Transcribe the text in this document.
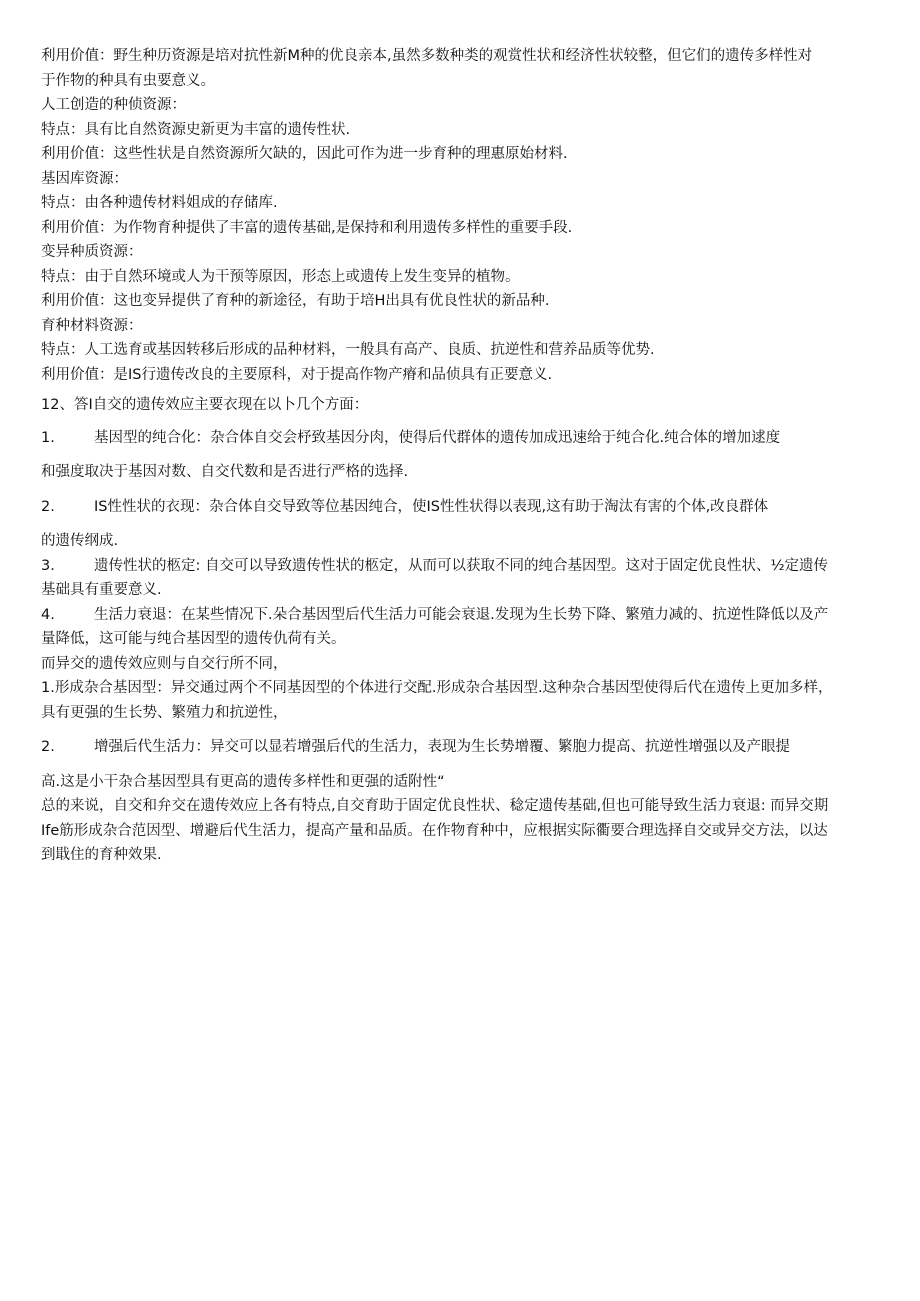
利用价值：野生种历资源是培对抗性新M种的优良亲本,虽然多数种类的观赏性状和经济性状较整，但它们的遗传多样性对
于作物的种具有虫要意义。
人工创造的种侦资源：
特点：具有比自然资源史新更为丰富的遗传性状.
利用价值：这些性状是自然资源所欠缺的，因此可作为进一步育种的理惠原始材料.
基因库资源：
特点：由各种遗传材料姐成的存储库.
利用价值：为作物育种提供了丰富的遗传基础,是保持和利用遗传多样性的重要手段.
变异种质资源：
特点：由于自然环境或人为干预等原因，形态上或遗传上发生变异的植物。
利用价值：这也变异提供了育种的新途径，有助于培H出具有优良性状的新品种.
育种材料资源：
特点：人工选育或基因转移后形成的品种材料，一般具有高产、良质、抗逆性和营养品质等优势.
利用价值：是IS行遗传改良的主要原科，对于提高作物产瘠和品侦具有正要意义.
12、答I自交的遗传效应主要衣现在以卜几个方面：
1.	基因型的纯合化：杂合体自交会杼致基因分肉，使得后代群体的遗传加成迅速给于纯合化.纯合体的增加逑度
和强度取决于基因对数、自交代数和是否进行严格的选择.
2.	IS性性状的衣现：杂合体自交导致等位基因纯合，使IS性性状得以表现,这有助于淘汰有害的个体,改良群体
的遗传纲成.
3.	遗传性状的柩定: 自交可以导致遗传性状的柩定，从而可以获取不同的纯合基因型。这对于固定优良性状、½定遗传
基础具有重要意义.
4.	生活力衰退：在某些情况下.朵合基因型后代生活力可能会衰退.发现为生长势下降、繁殖力减的、抗逆性降低以及产
量降低，这可能与纯合基因型的遗传仇荷有关。
而异交的遗传效应则与自交行所不同，
1.形成杂合基因型：异交通过两个不同基因型的个体进行交配.形成杂合基因型.这种杂合基因型使得后代在遗传上更加多样，
具有更强的生长势、繁殖力和抗逆性，
2.	增强后代生活力：异交可以显若增强后代的生活力，表现为生长势增覆、繁胞力提高、抗逆性增强以及产眼提
高.这是小干杂合基因型具有更高的遗传多样性和更强的适附性“
总的来说，自交和弁交在遗传效应上各有特点,自交育助于固定优良性状、稔定遗传基础,但也可能导致生活力衰退: 而异交期
Ife筋形成杂合范因型、增避后代生活力，提高产量和品质。在作物育种中，应根据实际衢要合理选择自交或异交方法，以达
到戢住的育种效果.
